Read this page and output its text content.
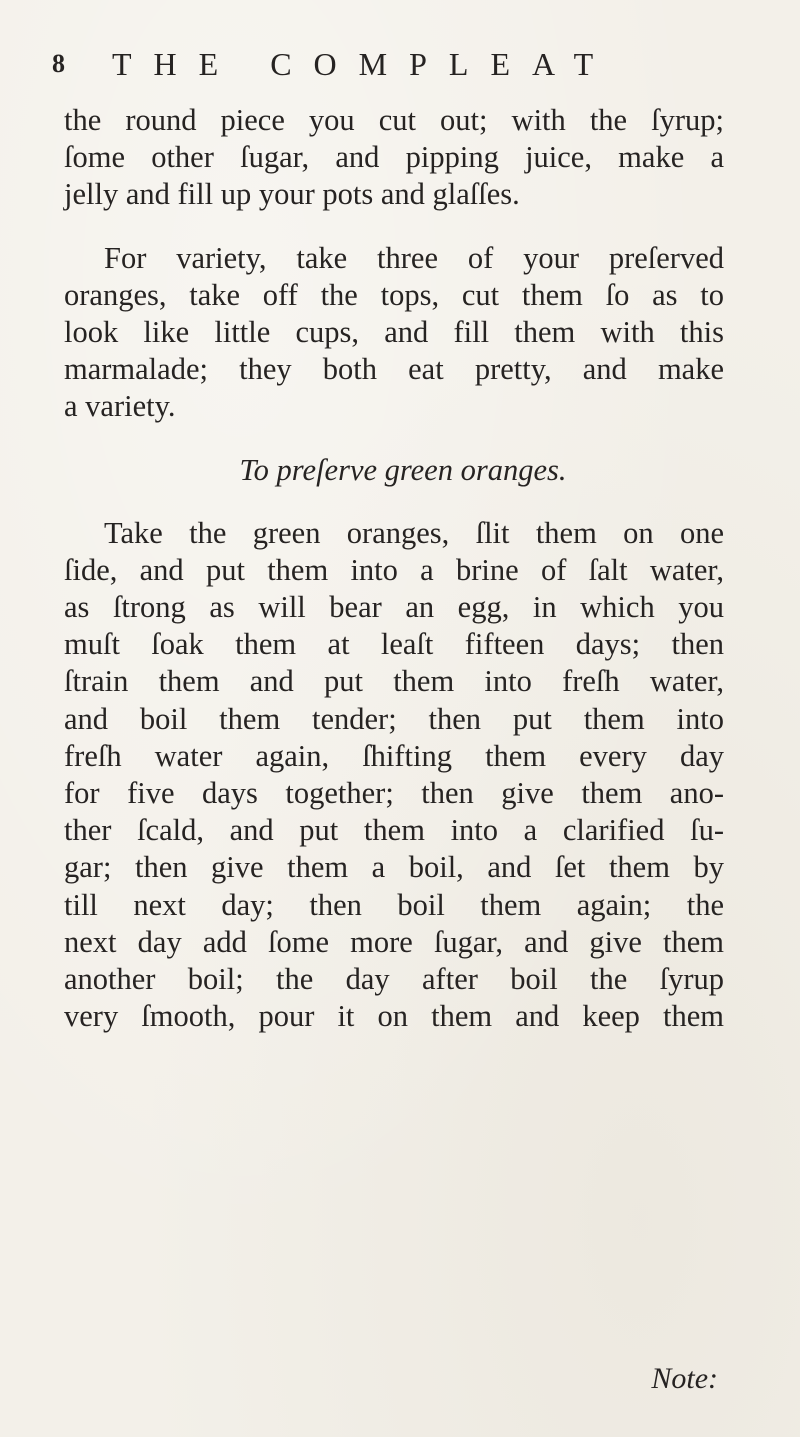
8 THE COMPLEAT
the round piece you cut out; with the ſyrup;
ſome other ſugar, and pipping juice, make a
jelly and fill up your pots and glaſſes.
For variety, take three of your preſerved
oranges, take off the tops, cut them ſo as to
look like little cups, and fill them with this
marmalade; they both eat pretty, and make
a variety.
To preſerve green oranges.
Take the green oranges, ſlit them on one
ſide, and put them into a brine of ſalt water,
as ſtrong as will bear an egg, in which you
muſt ſoak them at leaſt fifteen days; then
ſtrain them and put them into freſh water,
and boil them tender; then put them into
freſh water again, ſhifting them every day
for five days together; then give them ano-
ther ſcald, and put them into a clarified ſu-
gar; then give them a boil, and ſet them by
till next day; then boil them again; the
next day add ſome more ſugar, and give them
another boil; the day after boil the ſyrup
very ſmooth, pour it on them and keep them
Note:
